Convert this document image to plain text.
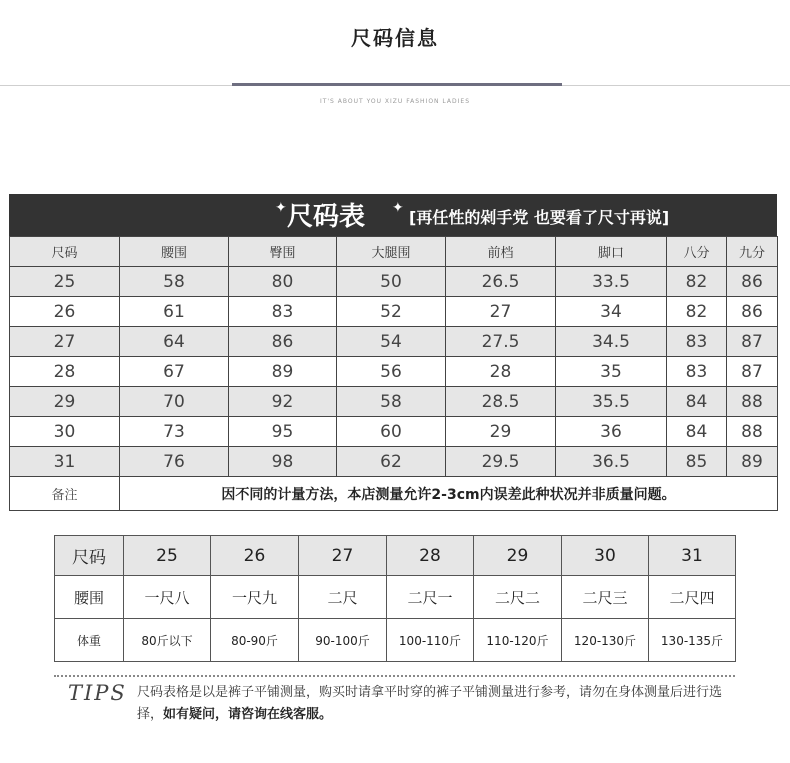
尺码信息
IT'S ABOUT YOU XIZU FASHION LADIES
✦	✦
尺码表	[再任性的剁手党 也要看了尺寸再说]
尺码	腰围	臀围	大腿围	前档	脚口	八分	九分
25	58	80	50	26.5	33.5	82	86
26	61	83	52	27	34	82	86
27	64	86	54	27.5	34.5	83	87
28	67	89	56	28	35	83	87
29	70	92	58	28.5	35.5	84	88
30	73	95	60	29	36	84	88
31	76	98	62	29.5	36.5	85	89
备注	因不同的计量方法，本店测量允许2-3cm内误差此种状况并非质量问题。						
尺码	25	26	27	28	29	30	31
腰围	一尺八	一尺九	二尺	二尺一	二尺二	二尺三	二尺四
体重	80斤以下	80-90斤	90-100斤	100-110斤	110-120斤	120-130斤	130-135斤
TIPS 尺码表格是以是裤子平铺测量，购买时请拿平时穿的裤子平铺测量进行参考，请勿在身体测量后进行选择，如有疑问，请咨询在线客服。
